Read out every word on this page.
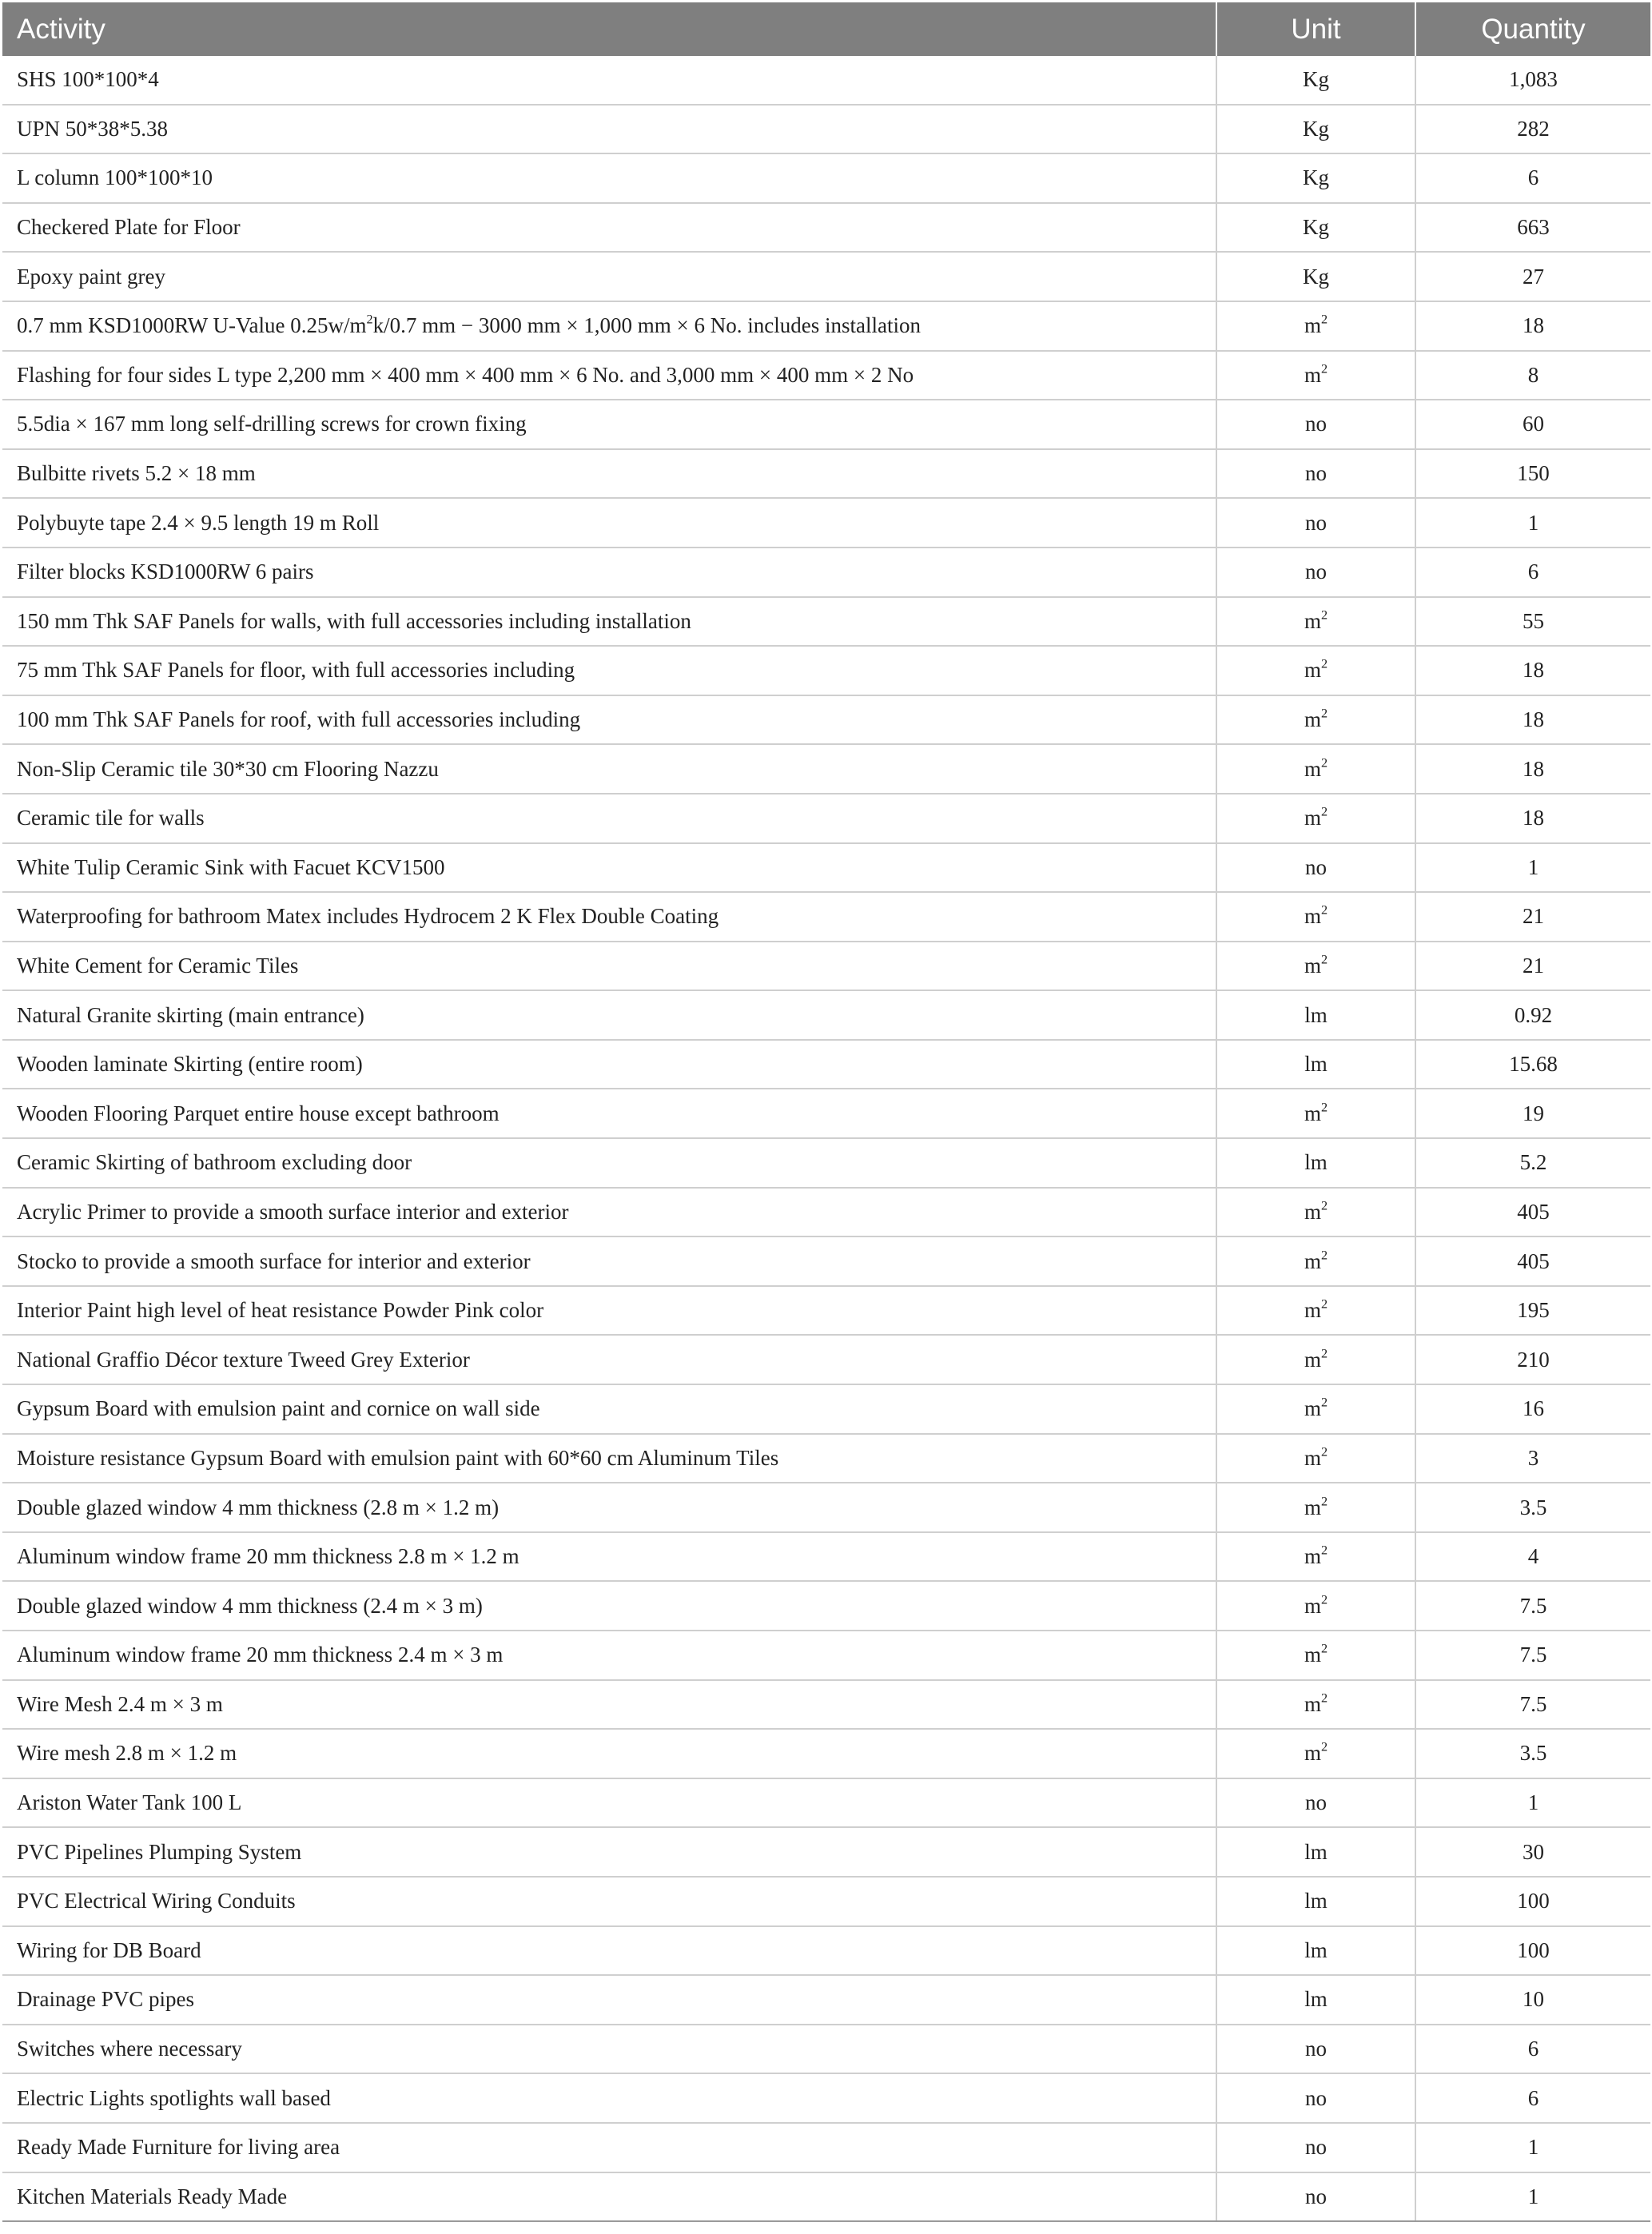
Activity	Unit	Quantity
SHS 100*100*4	Kg	1,083
UPN 50*38*5.38	Kg	282
L column 100*100*10	Kg	6
Checkered Plate for Floor	Kg	663
Epoxy paint grey	Kg	27
0.7 mm KSD1000RW U-Value $0.25w/m^2k/0.7$ mm − 3000 mm × 1,000 mm × 6 No. includes installation	$m^2$	18
Flashing for four sides L type 2,200 mm × 400 mm × 400 mm × 6 No. and 3,000 mm × 400 mm × 2 No	$m^2$	8
5.5dia × 167 mm long self-drilling screws for crown fixing	no	60
Bulbitte rivets 5.2 × 18 mm	no	150
Polybuyte tape 2.4 × 9.5 length 19 m Roll	no	1
Filter blocks KSD1000RW 6 pairs	no	6
150 mm Thk SAF Panels for walls, with full accessories including installation	$m^2$	55
75 mm Thk SAF Panels for floor, with full accessories including	$m^2$	18
100 mm Thk SAF Panels for roof, with full accessories including	$m^2$	18
Non-Slip Ceramic tile 30*30 cm Flooring Nazzu	$m^2$	18
Ceramic tile for walls	$m^2$	18
White Tulip Ceramic Sink with Facuet KCV1500	no	1
Waterproofing for bathroom Matex includes Hydrocem 2 K Flex Double Coating	$m^2$	21
White Cement for Ceramic Tiles	$m^2$	21
Natural Granite skirting (main entrance)	lm	0.92
Wooden laminate Skirting (entire room)	lm	15.68
Wooden Flooring Parquet entire house except bathroom	$m^2$	19
Ceramic Skirting of bathroom excluding door	lm	5.2
Acrylic Primer to provide a smooth surface interior and exterior	$m^2$	405
Stocko to provide a smooth surface for interior and exterior	$m^2$	405
Interior Paint high level of heat resistance Powder Pink color	$m^2$	195
National Graffio Décor texture Tweed Grey Exterior	$m^2$	210
Gypsum Board with emulsion paint and cornice on wall side	$m^2$	16
Moisture resistance Gypsum Board with emulsion paint with 60*60 cm Aluminum Tiles	$m^2$	3
Double glazed window 4 mm thickness (2.8 m × 1.2 m)	$m^2$	3.5
Aluminum window frame 20 mm thickness 2.8 m × 1.2 m	$m^2$	4
Double glazed window 4 mm thickness (2.4 m × 3 m)	$m^2$	7.5
Aluminum window frame 20 mm thickness 2.4 m × 3 m	$m^2$	7.5
Wire Mesh 2.4 m × 3 m	$m^2$	7.5
Wire mesh 2.8 m × 1.2 m	$m^2$	3.5
Ariston Water Tank 100 L	no	1
PVC Pipelines Plumping System	lm	30
PVC Electrical Wiring Conduits	lm	100
Wiring for DB Board	lm	100
Drainage PVC pipes	lm	10
Switches where necessary	no	6
Electric Lights spotlights wall based	no	6
Ready Made Furniture for living area	no	1
Kitchen Materials Ready Made	no	1
